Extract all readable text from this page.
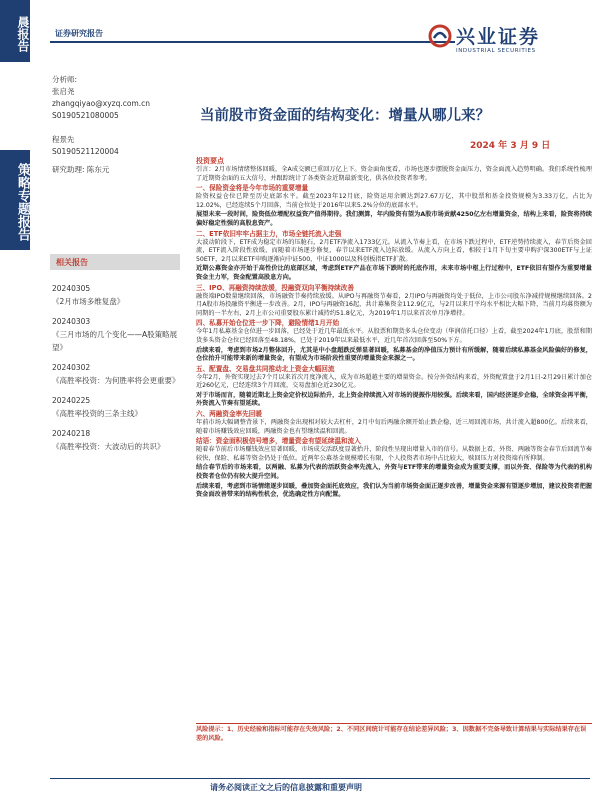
晨报告
策略专题报告
证券研究报告	兴业证券
INDUSTRIAL SECURITIES
分析师:
张启尧
zhangqiyao@xyzq.com.cn
S0190521080005
程景先
S0190521120004
研究助理: 陈东元
相关报告
20240305
《2月市场多维复盘》
20240303
《三月市场的几个变化——A股策略展望》
20240302
《高胜率投资：为何胜率将会更重要》
20240225
《高胜率投资的三条主线》
20240218
《高胜率投资：大波动后的共识》
当前股市资金面的结构变化：增量从哪儿来？
2024 年 3 月 9 日
投资要点

引言：2月市场情绪整体回暖，全A成交额已重回万亿上下。资金面角度看，市场也逐步摆脱资金面压力，资金面流入趋势明确。我们系统性梳理了近期资金面的五大信号，并跟踪统计了各类资金近期最新变化，供各位投资者参考。

一、保险资金将是今年市场的重要增量

险资权益仓位已降至历史底部水平。截至2023年12月底，险资运用余额达到27.67万亿，其中股票和基金投资规模为3.33万亿，占比为12.02%，已经连续5个月回落，当前仓位处于2016年以来5.2%分位的底部水平。

展望未来一段时间，险资低位增配权益资产值得期待。我们测算，年内险资有望为A股市场贡献4250亿左右增量资金，结构上来看，险资将持续偏好稳定性强的高股息资产。

二、ETF依旧牢牢占据主力，市场全链托流入走强

大波动阶段下，ETF成为稳定市场的压舱石，2月ETF净流入1733亿元。从流入节奏上看，在市场下跌过程中，ETF逆势持续流入，春节后资金回流，ETF流入阶段性放缓，而随着市场逐步修复，春节以来ETF流入边际放缓。从流入方向上看，相较于1月下旬主要申购沪深300ETF与上证50ETF，2月以来ETF申购逐渐向中证500、中证1000以及科创板指ETF扩散。

近期公募资金亦开始于高性价比的底部区域，考虑到ETF产品在市场下跌时的托底作用，未来市场中枢上行过程中，ETF依旧有望作为重要增量资金主力军，资金配置高股息方向。

三、IPO、再融资持续放缓，投融资双向平衡持续改善

融资端IPO数量继续回落，市场融资节奏持续放缓。从IPO与再融资节奏看，2月IPO与再融资均处于低位，上市公司股东净减持规模继续回落。2月A股市场投融资平衡进一步改善。2月，IPO与再融资16起，共计募集资金112.9亿元，与2月以来月平均水平相比大幅下降，当前月均募资额为同期的一半左右，2月上市公司重要股东累计减持约51.8亿元，为2019年1月以来首次单月净增持。

四、私募开始仓位进一步下降，避险情绪1月开始

今年1月私募基金仓位进一步回落，已经处于近几年最低水平。从股票和期货多头仓位变动（华润信托口径）上看，截至2024年1月底，股票和期货多头资金仓位已经回落至48.18%，已处于2019年以来最低水平，近几年首次回落至50%下方。

后续来看，考虑到市场2月整体回升，尤其是中小盘超跌反弹显著回暖，私募基金的净值压力预计有所缓解，随着后续私募基金风险偏好的修复，仓位抬升可能带来新的增量资金，有望成为市场阶段性重要的增量资金来源之一。

五、配置盘、交易盘共同推动北上资金大幅回流

今年2月，外资实现过去7个月以来首次月度净流入，成为市场超越主要的增量资金。按分外资结构来看，外资配置盘于2月1日-2月29日累计加仓近260亿元，已经连续3个月回流，交易盘加仓近230亿元。

对于市场而言，随着近期北上资金定价权边际抬升，北上资金持续流入对市场的提振作用较强。后续来看，国内经济逐步企稳，全球资金再平衡，外资流入节奏有望延续。

六、两融资金率先回暖

年前市场大幅调整背景下，两融资金出现相对较大去杠杆，2月中旬后两融余额开始止跌企稳，近三周回流市场，共计流入超800亿。后续来看，随着市场赚钱效应回暖，两融资金也有望继续温和回流。

结语：资金面积极信号增多，增量资金有望延续温和流入

随着春节前后市场赚钱效应显著回暖，市场成交活跃度显著抬升，阶段性呈现出增量入市的信号。从数据上看，外资、两融等资金春节后回流节奏较快，保险、私募等资金仍处于低位。近两年公募基金规模增长有限，个人投资者市场中占比较大，赎回压力对投资端有所抑制。

结合春节后的市场来看，以两融、私募为代表的活跃资金率先流入，外资与ETF带来的增量资金成为重要支撑，而以外资、保险等为代表的机构投资者仓位仍有较大提升空间。

后续来看，考虑到市场情绪逐步回暖，叠加资金面托底效应，我们认为当前市场资金面正逐步改善，增量资金来源有望逐步增加，建议投资者把握资金面改善带来的结构性机会，优选确定性方向配置。

风险提示：1、历史经验和指标可能存在失效风险；2、不同区间统计可能存在结论差异风险；3、因数据不完备导致计算结果与实际结果存在误差的风险。
请务必阅读正文之后的信息披露和重要声明
